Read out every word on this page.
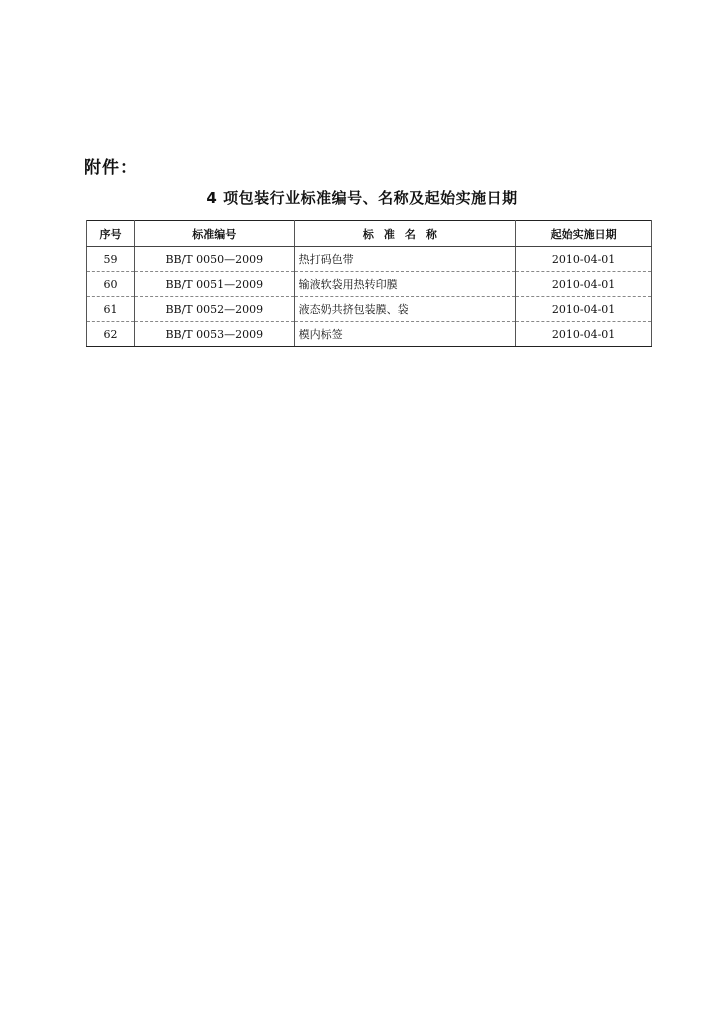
附件：
4 项包装行业标准编号、名称及起始实施日期
序号	标准编号	标准名称	起始实施日期
59	BB/T 0050—2009	热打码色带	2010-04-01
60	BB/T 0051—2009	输液软袋用热转印膜	2010-04-01
61	BB/T 0052—2009	液态奶共挤包装膜、袋	2010-04-01
62	BB/T 0053—2009	模内标签	2010-04-01
